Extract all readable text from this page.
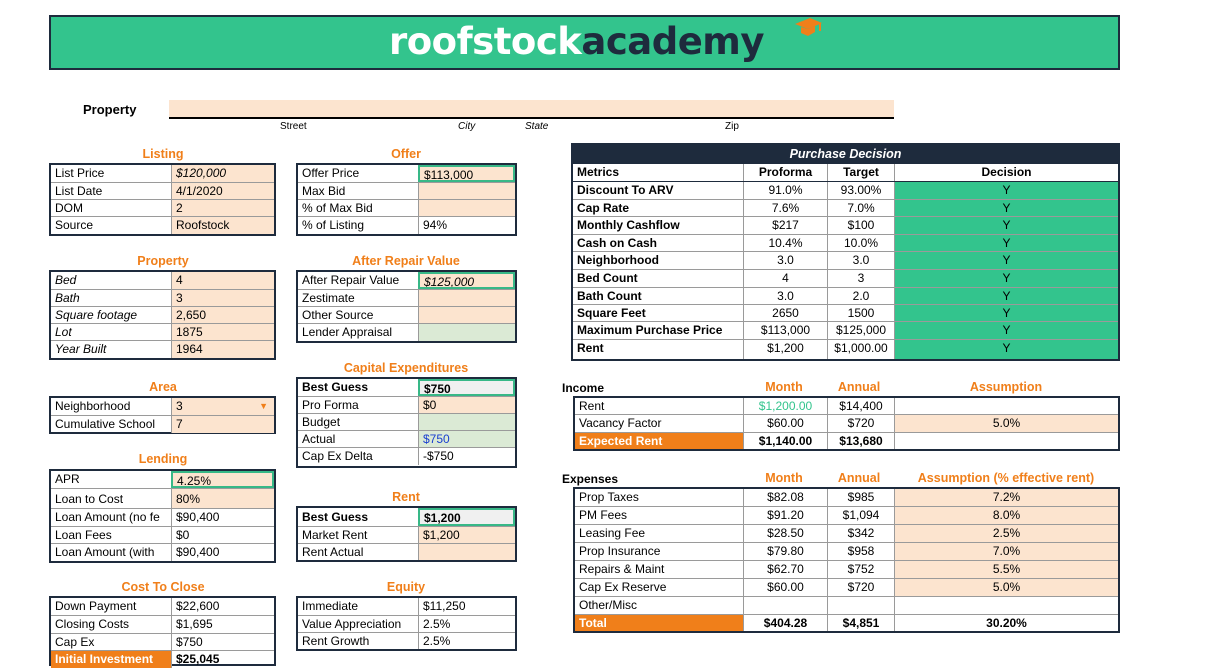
roofstockacademy
Property
Street	City	State	Zip
Listing
List Price	$120,000
List Date	4/1/2020
DOM	2
Source	Roofstock
Offer
Offer Price	$113,000
Max Bid
% of Max Bid
% of Listing	94%
Property
Bed	4
Bath	3
Square footage	2,650
Lot	1875
Year Built	1964
After Repair Value
After Repair Value	$125,000
Zestimate
Other Source
Lender Appraisal
Capital Expenditures
Best Guess	$750
Pro Forma	$0
Budget
Actual	$750
Cap Ex Delta	-$750
Area
Neighborhood	3	▼
Cumulative School	7
Lending
APR	4.25%
Loan to Cost	80%
Loan Amount (no fe	$90,400
Loan Fees	$0
Loan Amount (with	$90,400
Rent
Best Guess	$1,200
Market Rent	$1,200
Rent Actual
Cost To Close
Down Payment	$22,600
Closing Costs	$1,695
Cap Ex	$750
Initial Investment	$25,045
Equity
Immediate	$11,250
Value Appreciation	2.5%
Rent Growth	2.5%
Purchase Decision
Metrics	Proforma	Target	Decision
Discount To ARV	91.0%	93.00%	Y
Cap Rate	7.6%	7.0%	Y
Monthly Cashflow	$217	$100	Y
Cash on Cash	10.4%	10.0%	Y
Neighborhood	3.0	3.0	Y
Bed Count	4	3	Y
Bath Count	3.0	2.0	Y
Square Feet	2650	1500	Y
Maximum Purchase Price	$113,000	$125,000	Y
Rent	$1,200	$1,000.00	Y
Income	Month	Annual	Assumption
Rent	$1,200.00	$14,400
Vacancy Factor	$60.00	$720	5.0%
Expected Rent	$1,140.00	$13,680
Expenses	Month	Annual	Assumption (% effective rent)
Prop Taxes	$82.08	$985	7.2%
PM Fees	$91.20	$1,094	8.0%
Leasing Fee	$28.50	$342	2.5%
Prop Insurance	$79.80	$958	7.0%
Repairs & Maint	$62.70	$752	5.5%
Cap Ex Reserve	$60.00	$720	5.0%
Other/Misc
Total	$404.28	$4,851	30.20%
